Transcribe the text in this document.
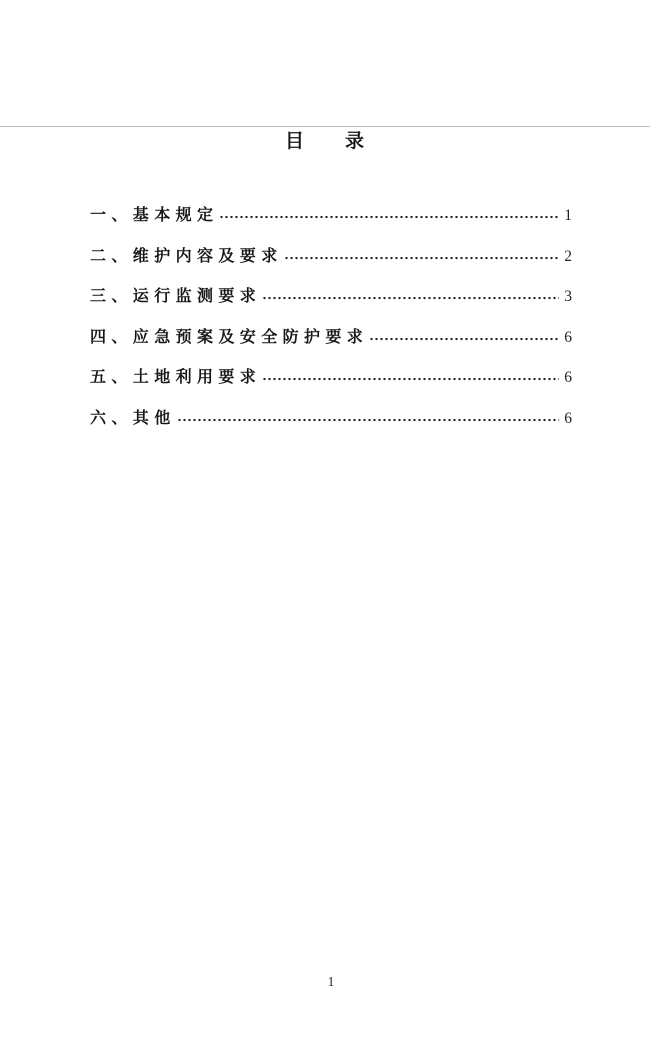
目　　录
一、基本规定	1
二、维护内容及要求	2
三、运行监测要求	3
四、应急预案及安全防护要求	6
五、土地利用要求	6
六、其他	6
1
